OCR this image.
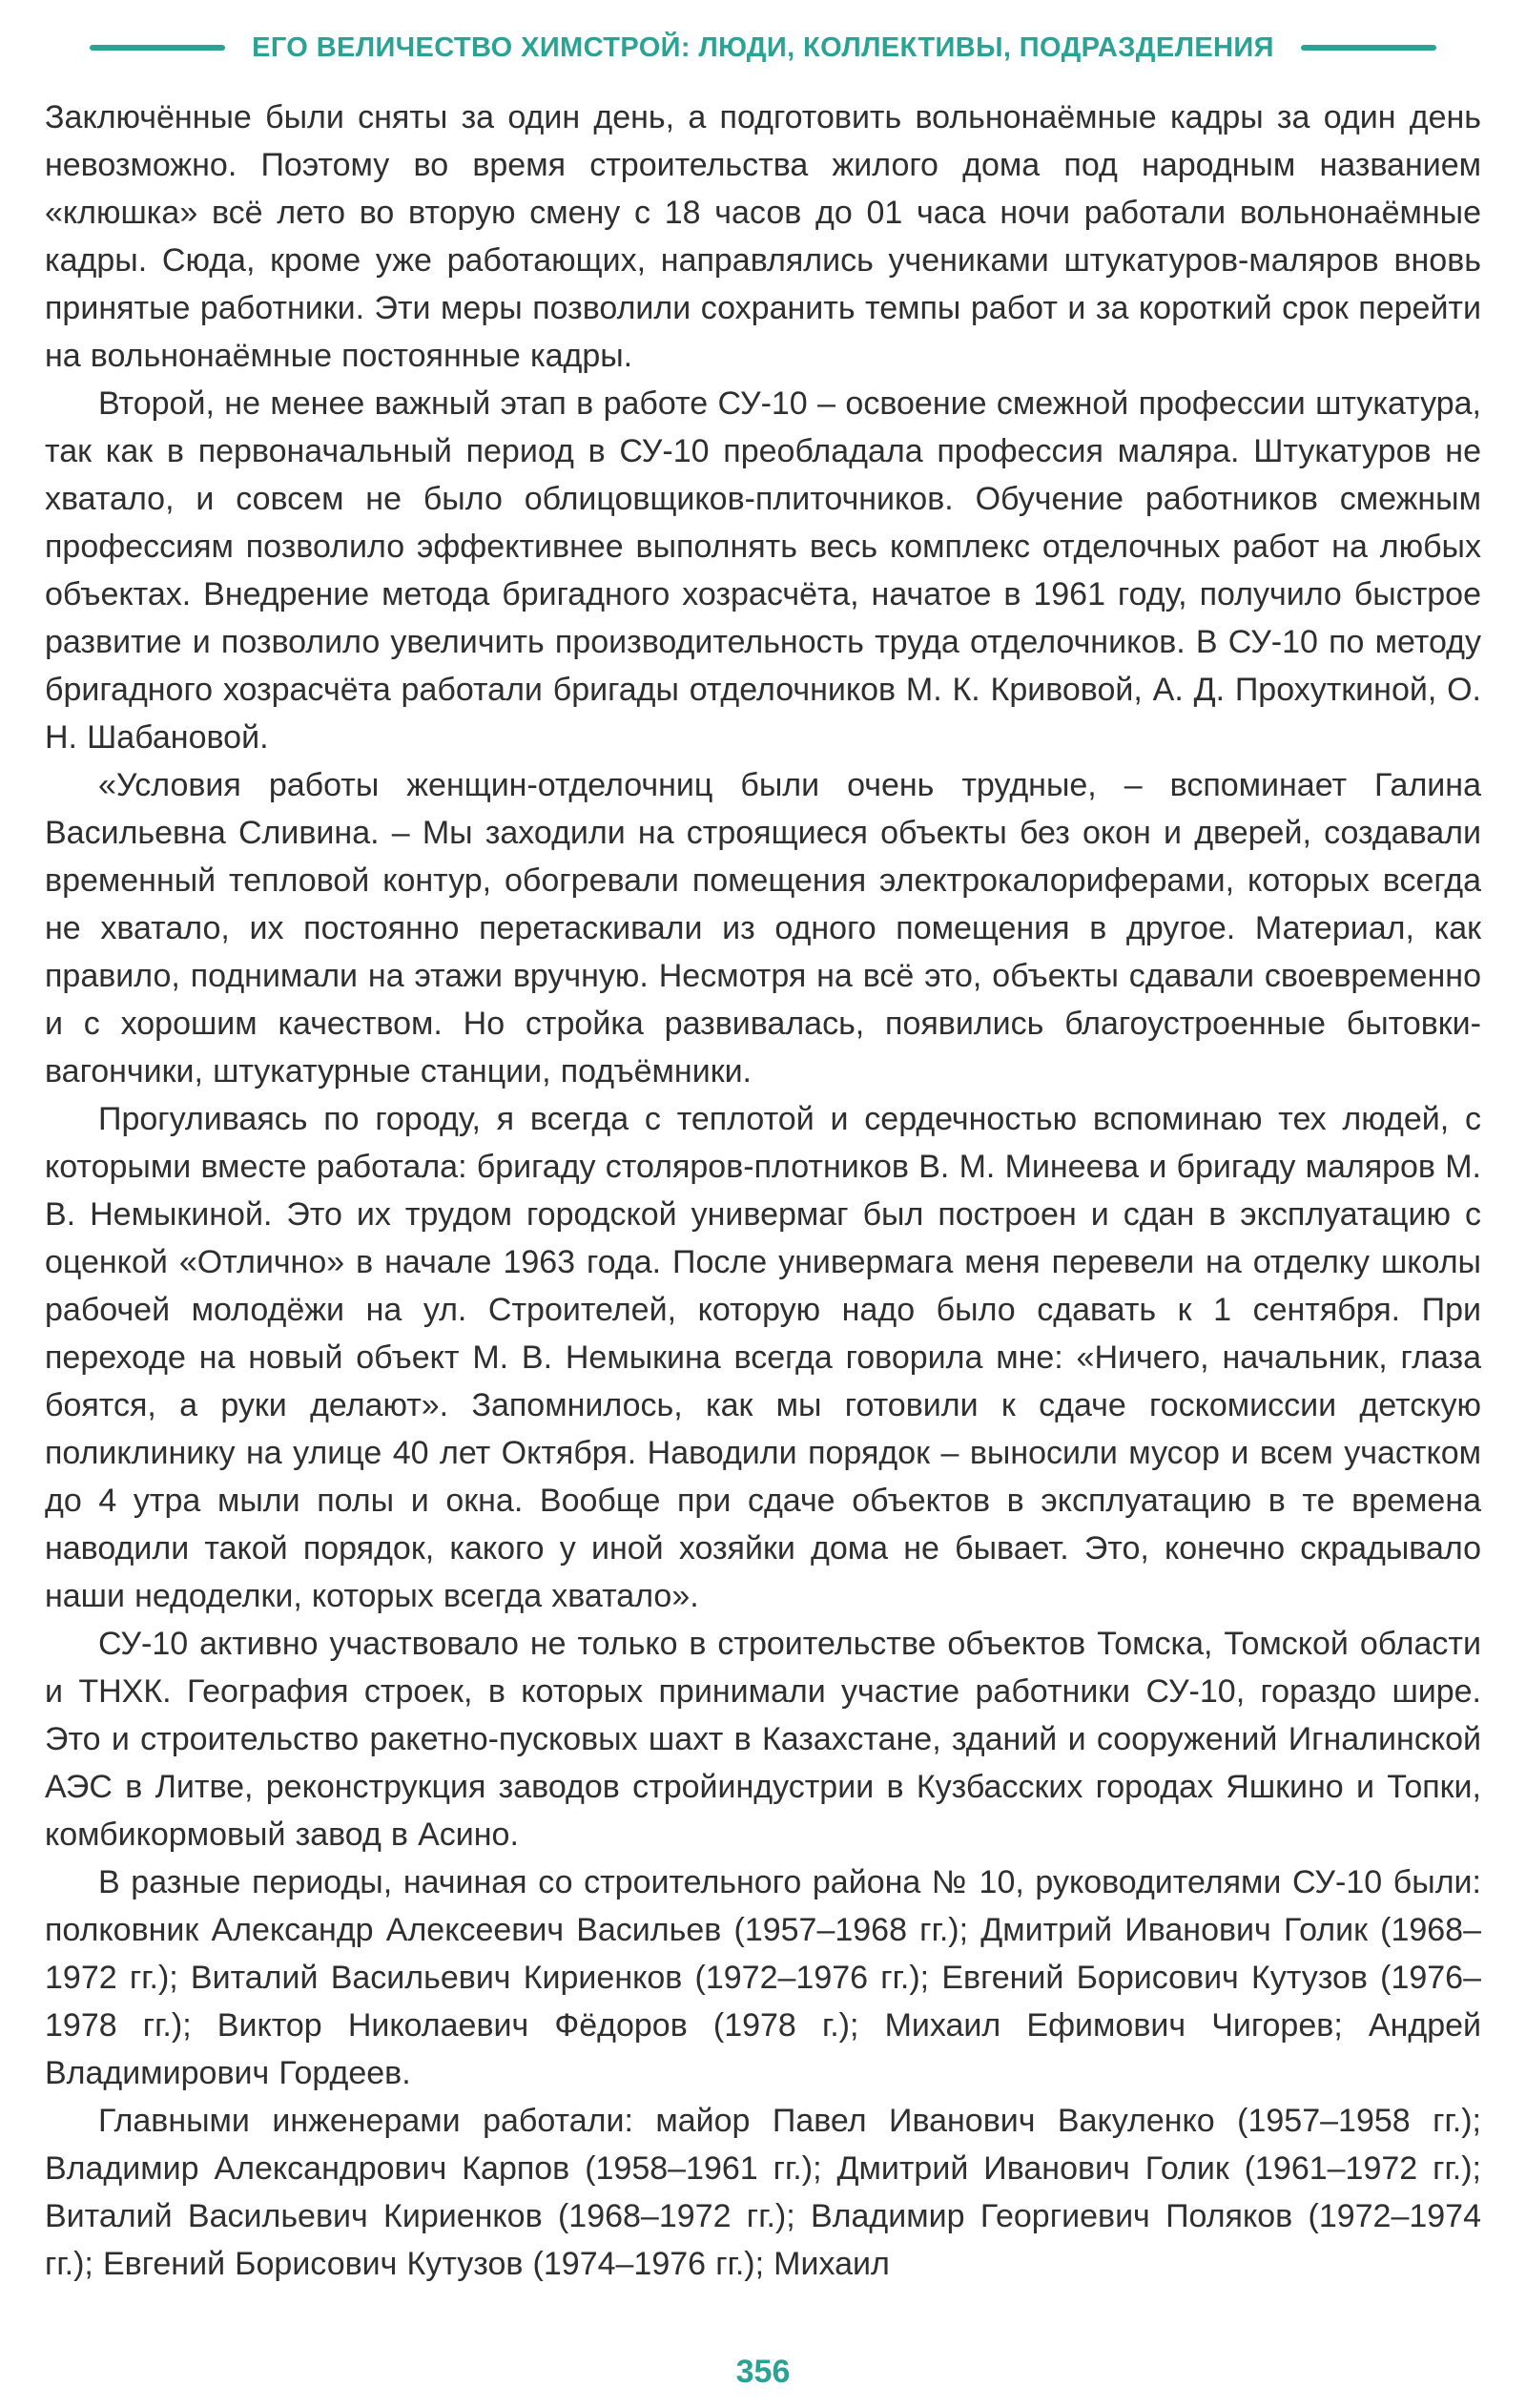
ЕГО ВЕЛИЧЕСТВО ХИМСТРОЙ: ЛЮДИ, КОЛЛЕКТИВЫ, ПОДРАЗДЕЛЕНИЯ

Заключённые были сняты за один день, а подготовить вольнонаёмные кадры за один день невозможно. Поэтому во время строительства жилого дома под народным названием «клюшка» всё лето во вторую смену с 18 часов до 01 часа ночи работали вольнонаёмные кадры. Сюда, кроме уже работающих, направлялись учениками штукатуров-маляров вновь принятые работники. Эти меры позволили сохранить темпы работ и за короткий срок перейти на вольнонаёмные постоянные кадры.

Второй, не менее важный этап в работе СУ-10 – освоение смежной профессии штукатура, так как в первоначальный период в СУ-10 преобладала профессия маляра. Штукатуров не хватало, и совсем не было облицовщиков-плиточников. Обучение работников смежным профессиям позволило эффективнее выполнять весь комплекс отделочных работ на любых объектах. Внедрение метода бригадного хозрасчёта, начатое в 1961 году, получило быстрое развитие и позволило увеличить производительность труда отделочников. В СУ-10 по методу бригадного хозрасчёта работали бригады отделочников М. К. Кривовой, А. Д. Прохуткиной, О. Н. Шабановой.

«Условия работы женщин-отделочниц были очень трудные, – вспоминает Галина Васильевна Сливина. – Мы заходили на строящиеся объекты без окон и дверей, создавали временный тепловой контур, обогревали помещения электрокалориферами, которых всегда не хватало, их постоянно перетаскивали из одного помещения в другое. Материал, как правило, поднимали на этажи вручную. Несмотря на всё это, объекты сдавали своевременно и с хорошим качеством. Но стройка развивалась, появились благоустроенные бытовки-вагончики, штукатурные станции, подъёмники.

Прогуливаясь по городу, я всегда с теплотой и сердечностью вспоминаю тех людей, с которыми вместе работала: бригаду столяров-плотников В. М. Минеева и бригаду маляров М. В. Немыкиной. Это их трудом городской универмаг был построен и сдан в эксплуатацию с оценкой «Отлично» в начале 1963 года. После универмага меня перевели на отделку школы рабочей молодёжи на ул. Строителей, которую надо было сдавать к 1 сентября. При переходе на новый объект М. В. Немыкина всегда говорила мне: «Ничего, начальник, глаза боятся, а руки делают». Запомнилось, как мы готовили к сдаче госкомиссии детскую поликлинику на улице 40 лет Октября. Наводили порядок – выносили мусор и всем участком до 4 утра мыли полы и окна. Вообще при сдаче объектов в эксплуатацию в те времена наводили такой порядок, какого у иной хозяйки дома не бывает. Это, конечно скрадывало наши недоделки, которых всегда хватало».

СУ-10 активно участвовало не только в строительстве объектов Томска, Томской области и ТНХК. География строек, в которых принимали участие работники СУ-10, гораздо шире. Это и строительство ракетно-пусковых шахт в Казахстане, зданий и сооружений Игналинской АЭС в Литве, реконструкция заводов стройиндустрии в Кузбасских городах Яшкино и Топки, комбикормовый завод в Асино.

В разные периоды, начиная со строительного района № 10, руководителями СУ-10 были: полковник Александр Алексеевич Васильев (1957–1968 гг.); Дмитрий Иванович Голик (1968–1972 гг.); Виталий Васильевич Кириенков (1972–1976 гг.); Евгений Борисович Кутузов (1976–1978 гг.); Виктор Николаевич Фёдоров (1978 г.); Михаил Ефимович Чигорев; Андрей Владимирович Гордеев.

Главными инженерами работали: майор Павел Иванович Вакуленко (1957–1958 гг.); Владимир Александрович Карпов (1958–1961 гг.); Дмитрий Иванович Голик (1961–1972 гг.); Виталий Васильевич Кириенков (1968–1972 гг.); Владимир Георгиевич Поляков (1972–1974 гг.); Евгений Борисович Кутузов (1974–1976 гг.); Михаил

356
